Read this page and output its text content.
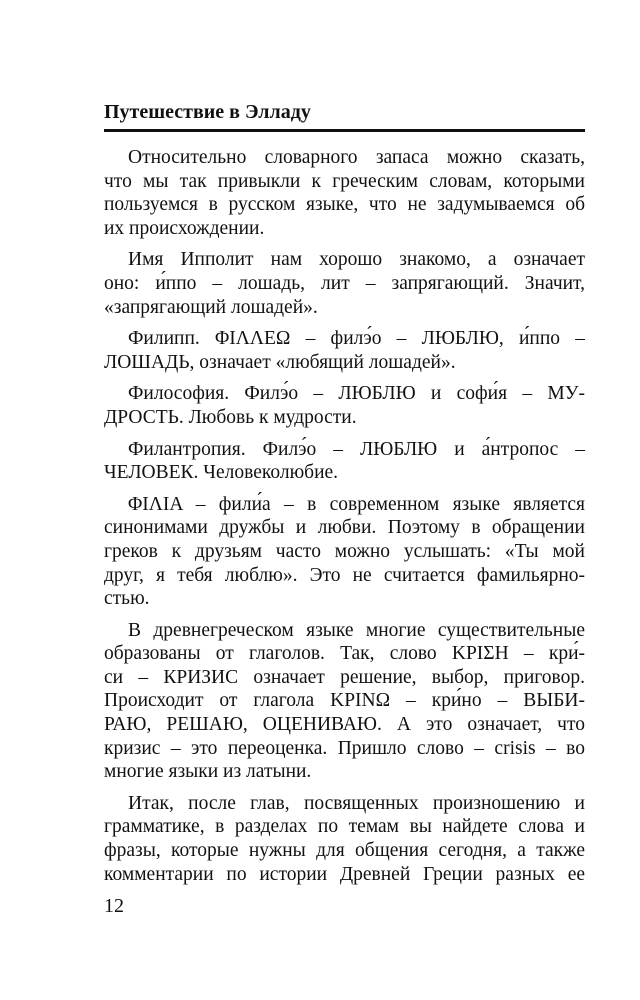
Путешествие в Элладу

Относительно словарного запаса можно сказать,
что мы так привыкли к греческим словам, которыми
пользуемся в русском языке, что не задумываемся об
их происхождении.

Имя Ипполит нам хорошо знакомо, а означает
оно: и́ппо – лошадь, лит – запрягающий. Значит,
«запрягающий лошадей».

Филипп. ΦΙΛΛΕΩ – филэ́о – ЛЮБЛЮ, и́ппо –
ЛОШАДЬ, означает «любящий лошадей».

Философия. Филэ́о – ЛЮБЛЮ и софи́я – МУ-
ДРОСТЬ. Любовь к мудрости.

Филантропия. Филэ́о – ЛЮБЛЮ и а́нтропос –
ЧЕЛОВЕК. Человеколюбие.

ΦΙΛΙΑ – фили́а – в современном языке является
синонимами дружбы и любви. Поэтому в обращении
греков к друзьям часто можно услышать: «Ты мой
друг, я тебя люблю». Это не считается фамильярно-
стью.

В древнегреческом языке многие существительные
образованы от глаголов. Так, слово ΚΡΙΣΗ – кри́-
си – КРИЗИС означает решение, выбор, приговор.
Происходит от глагола ΚΡΙΝΩ – кри́но – ВЫБИ-
РАЮ, РЕШАЮ, ОЦЕНИВАЮ. А это означает, что
кризис – это переоценка. Пришло слово – crisis – во
многие языки из латыни.

Итак, после глав, посвященных произношению и
грамматике, в разделах по темам вы найдете слова и
фразы, которые нужны для общения сегодня, а также
комментарии по истории Древней Греции разных ее

12
